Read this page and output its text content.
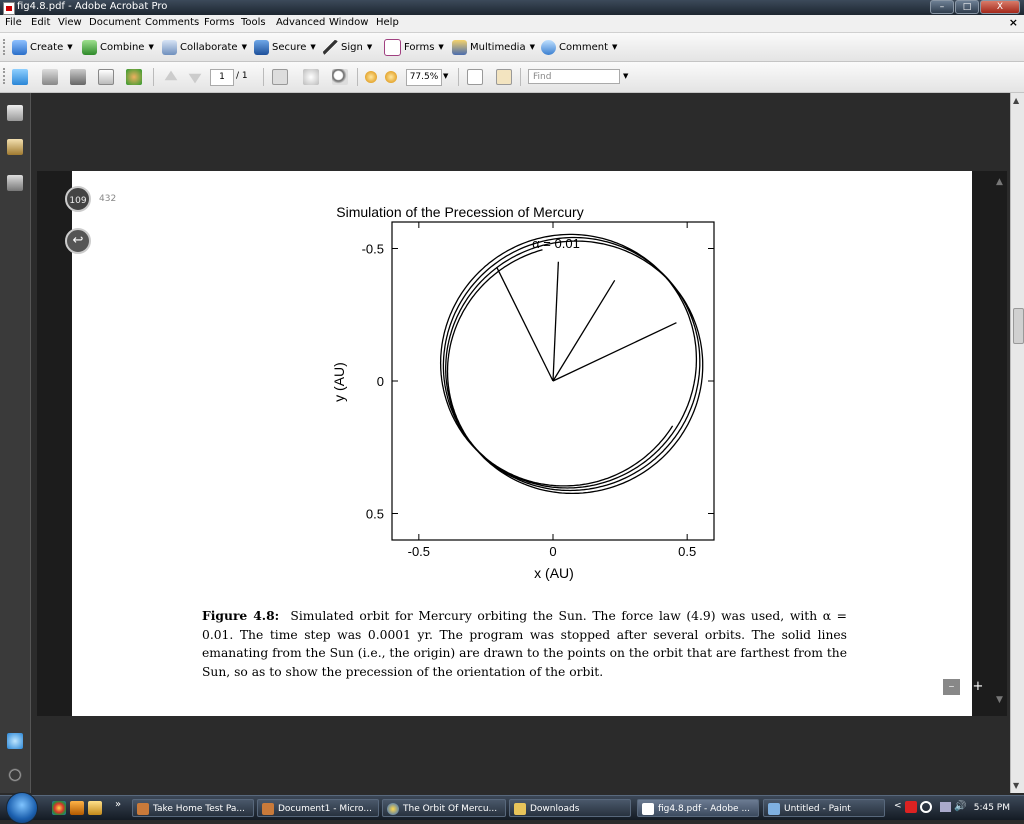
fig4.8.pdf - Adobe Acrobat Pro	–	□	X
File Edit View Document Comments Forms Tools Advanced Window Help	×
Create ▼	Combine ▼	Collaborate ▼	Secure ▼	Sign ▼	Forms ▼	Multimedia ▼ Comment ▼
1	/ 1	77.5% ▼	Find	▼
▲
▼
▲
▼
Simulation of the Precession of Mercury
α = 0.01
x (AU)
y (AU)
-0.5	0	0.5
0.5
0
-0.5
Figure 4.8: Simulated orbit for Mercury orbiting the Sun. The force law (4.9) was used, with α = 0.01. The time step was 0.0001 yr. The program was stopped after several orbits. The solid lines emanating from the Sun (i.e., the origin) are drawn to the points on the orbit that are farthest from the Sun, so as to show the precession of the orientation of the orbit.
109	432
↩
–	+
»	Take Home Test Pa...	Document1 - Micro...	The Orbit Of Mercu...	Downloads	fig4.8.pdf - Adobe ...	Untitled - Paint	<	🔊 5:45 PM
